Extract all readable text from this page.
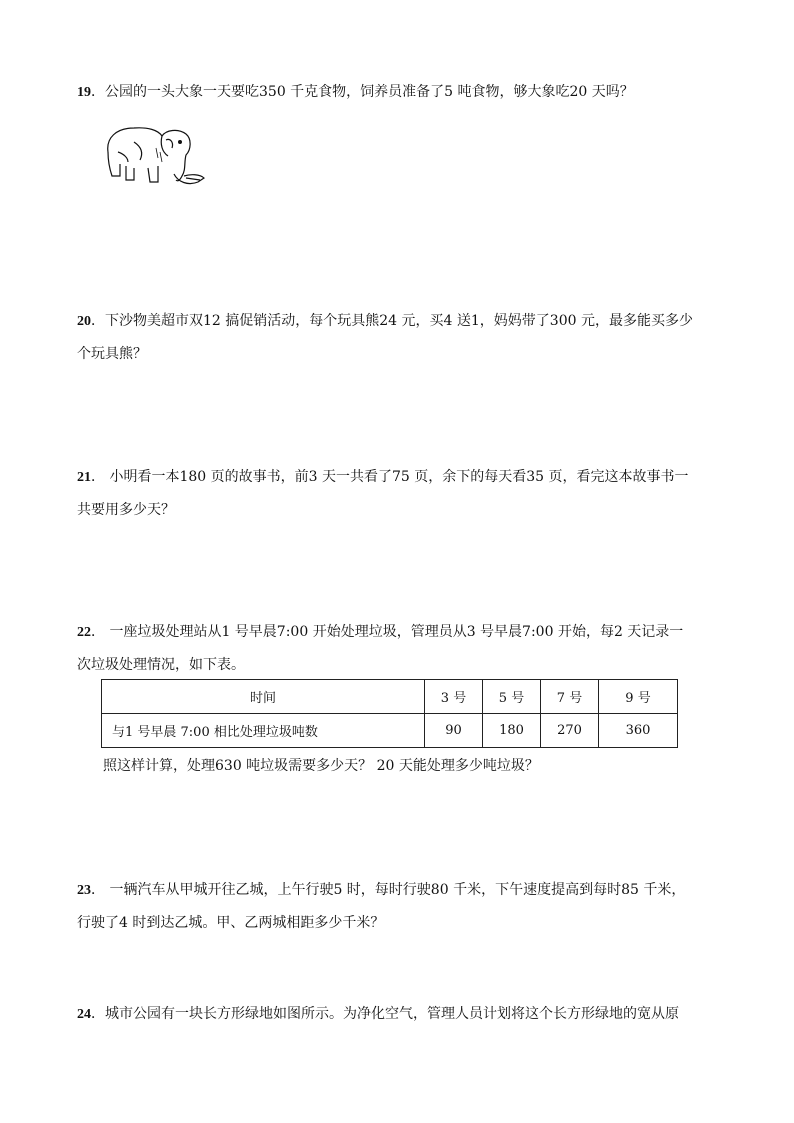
19．公园的一头大象一天要吃350 千克食物，饲养员准备了5 吨食物，够大象吃20 天吗？
20．下沙物美超市双12 搞促销活动，每个玩具熊24 元，买4 送1，妈妈带了300 元，最多能买多少
个玩具熊？
21． 小明看一本180 页的故事书，前3 天一共看了75 页，余下的每天看35 页，看完这本故事书一
共要用多少天？
22． 一座垃圾处理站从1 号早晨7:00 开始处理垃圾，管理员从3 号早晨7:00 开始，每2 天记录一
次垃圾处理情况，如下表。
时间	3 号	5 号	7 号	9 号
与1 号早晨 7:00 相比处理垃圾吨数	90	180	270	360
照这样计算，处理630 吨垃圾需要多少天？ 20 天能处理多少吨垃圾？
23． 一辆汽车从甲城开往乙城，上午行驶5 时，每时行驶80 千米，下午速度提高到每时85 千米，
行驶了4 时到达乙城。甲、乙两城相距多少千米？
24．城市公园有一块长方形绿地如图所示。为净化空气，管理人员计划将这个长方形绿地的宽从原
